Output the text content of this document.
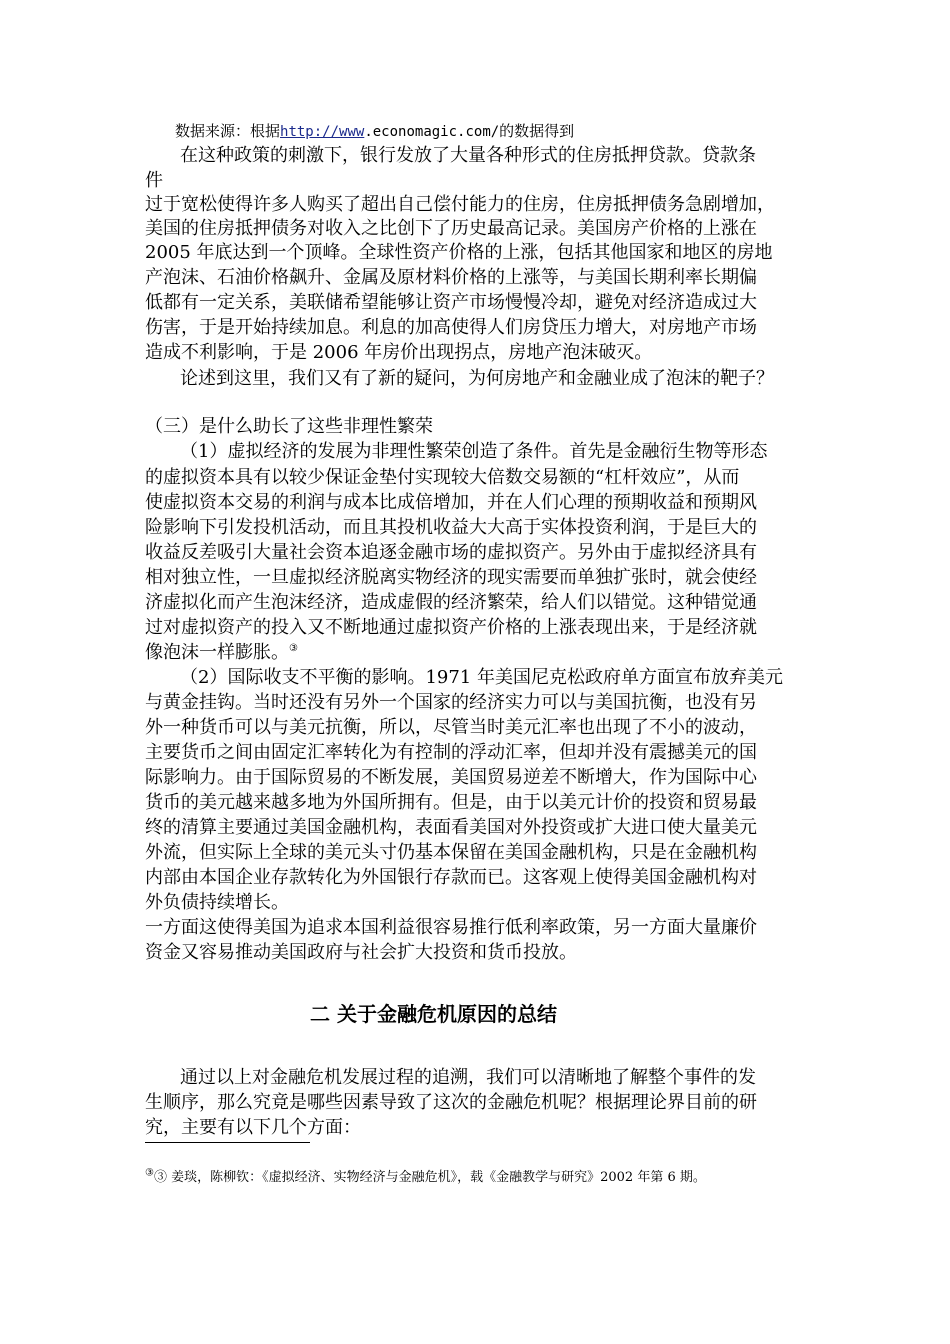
数据来源：根据http://www.economagic.com/的数据得到
在这种政策的刺激下，银行发放了大量各种形式的住房抵押贷款。贷款条
件
过于宽松使得许多人购买了超出自己偿付能力的住房，住房抵押债务急剧增加，
美国的住房抵押债务对收入之比创下了历史最高记录。美国房产价格的上涨在
2005 年底达到一个顶峰。全球性资产价格的上涨，包括其他国家和地区的房地
产泡沫、石油价格飙升、金属及原材料价格的上涨等，与美国长期利率长期偏
低都有一定关系，美联储希望能够让资产市场慢慢冷却，避免对经济造成过大
伤害，于是开始持续加息。利息的加高使得人们房贷压力增大，对房地产市场
造成不利影响，于是 2006 年房价出现拐点，房地产泡沫破灭。
论述到这里，我们又有了新的疑问，为何房地产和金融业成了泡沫的靶子？
（三）是什么助长了这些非理性繁荣
（1）虚拟经济的发展为非理性繁荣创造了条件。首先是金融衍生物等形态
的虚拟资本具有以较少保证金垫付实现较大倍数交易额的“杠杆效应”，从而
使虚拟资本交易的利润与成本比成倍增加，并在人们心理的预期收益和预期风
险影响下引发投机活动，而且其投机收益大大高于实体投资利润，于是巨大的
收益反差吸引大量社会资本追逐金融市场的虚拟资产。另外由于虚拟经济具有
相对独立性，一旦虚拟经济脱离实物经济的现实需要而单独扩张时，就会使经
济虚拟化而产生泡沫经济，造成虚假的经济繁荣，给人们以错觉。这种错觉通
过对虚拟资产的投入又不断地通过虚拟资产价格的上涨表现出来，于是经济就
像泡沫一样膨胀。③
（2）国际收支不平衡的影响。1971 年美国尼克松政府单方面宣布放弃美元
与黄金挂钩。当时还没有另外一个国家的经济实力可以与美国抗衡，也没有另
外一种货币可以与美元抗衡，所以，尽管当时美元汇率也出现了不小的波动，
主要货币之间由固定汇率转化为有控制的浮动汇率，但却并没有震撼美元的国
际影响力。由于国际贸易的不断发展，美国贸易逆差不断增大，作为国际中心
货币的美元越来越多地为外国所拥有。但是，由于以美元计价的投资和贸易最
终的清算主要通过美国金融机构，表面看美国对外投资或扩大进口使大量美元
外流，但实际上全球的美元头寸仍基本保留在美国金融机构，只是在金融机构
内部由本国企业存款转化为外国银行存款而已。这客观上使得美国金融机构对
外负债持续增长。
一方面这使得美国为追求本国利益很容易推行低利率政策，另一方面大量廉价
资金又容易推动美国政府与社会扩大投资和货币投放。
二 关于金融危机原因的总结
通过以上对金融危机发展过程的追溯，我们可以清晰地了解整个事件的发
生顺序，那么究竟是哪些因素导致了这次的金融危机呢？根据理论界目前的研
究，主要有以下几个方面：
③③ 姜琰，陈柳钦：《虚拟经济、实物经济与金融危机》，载《金融教学与研究》2002 年第 6 期。
